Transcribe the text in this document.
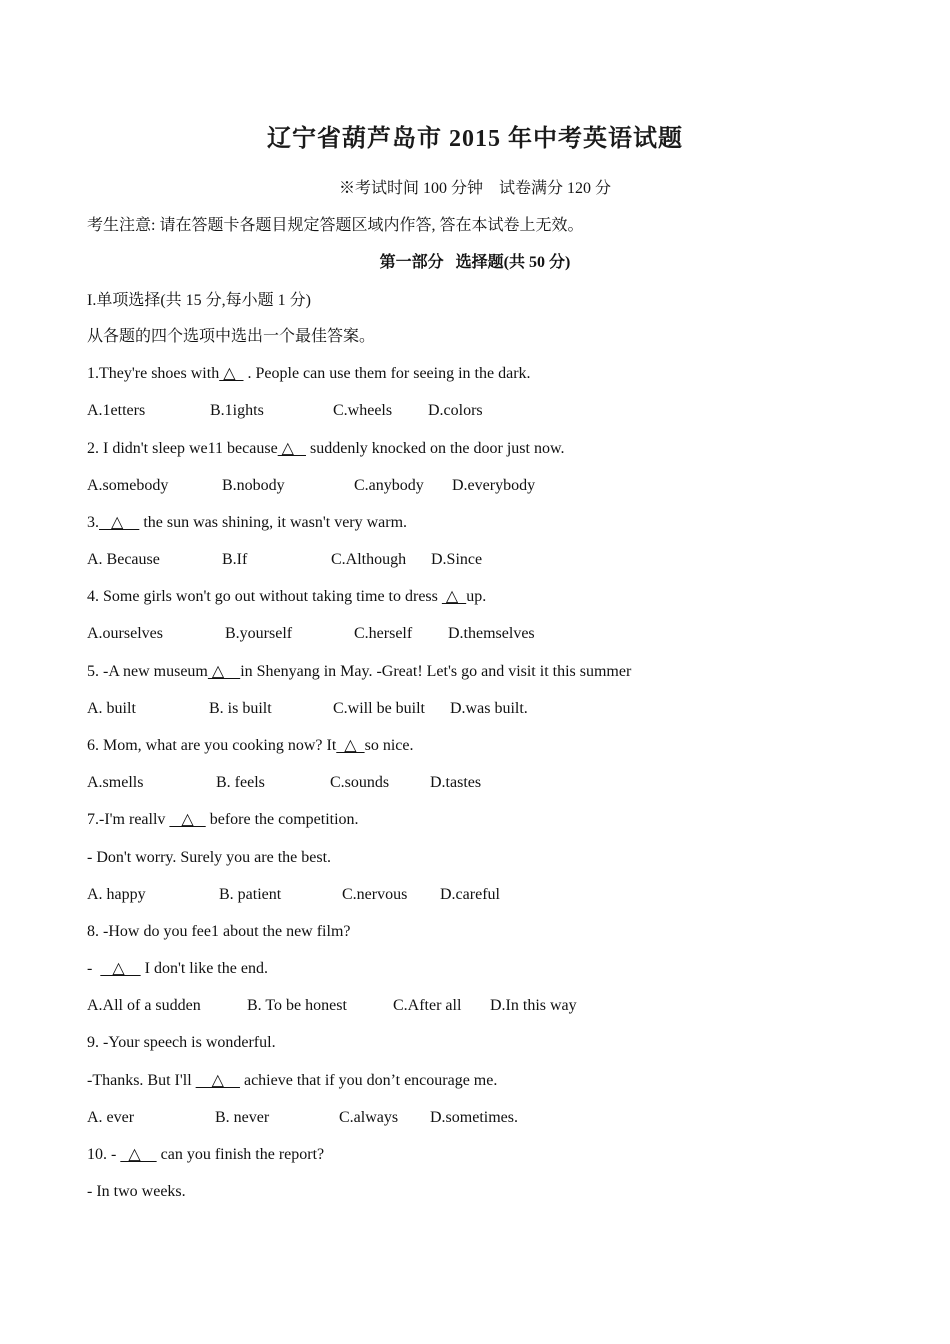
辽宁省葫芦岛市 2015 年中考英语试题
※考试时间 100 分钟    试卷满分 120 分
考生注意: 请在答题卡各题目规定答题区域内作答, 答在本试卷上无效。
第一部分   选择题(共 50 分)
I.单项选择(共 15 分,每小题 1 分)
从各题的四个选项中选出一个最佳答案。
1.They're shoes with △   . People can use them for seeing in the dark.
A.1etters	B.1ights	C.wheels D.colors
2. I didn't sleep we11 because △    suddenly knocked on the door just now.
A.somebody	B.nobody	C.anybody D.everybody
3.   △     the sun was shining, it wasn't very warm.
A. Because	B.If	C.Although D.Since
4. Some girls won't go out without taking time to dress  △  up.
A.ourselves	B.yourself	C.herself D.themselves
5. -A new museum △    in Shenyang in May. -Great! Let's go and visit it this summer
A. built	B. is built	C.will be built D.was built.
6. Mom, what are you cooking now? It  △  so nice.
A.smells	B. feels	C.sounds	D.tastes
7.-I'm reallv    △    before the competition.
- Don't worry. Surely you are the best.
A. happy	B. patient	C.nervous D.careful
8. -How do you fee1 about the new film?
-     △     I don't like the end.
A.All of a sudden	B. To be honest	C.After all D.In this way
9. -Your speech is wonderful.
-Thanks. But I'll     △     achieve that if you don’t encourage me.
A. ever	B. never	C.always D.sometimes.
10. -   △     can you finish the report?
- In two weeks.
